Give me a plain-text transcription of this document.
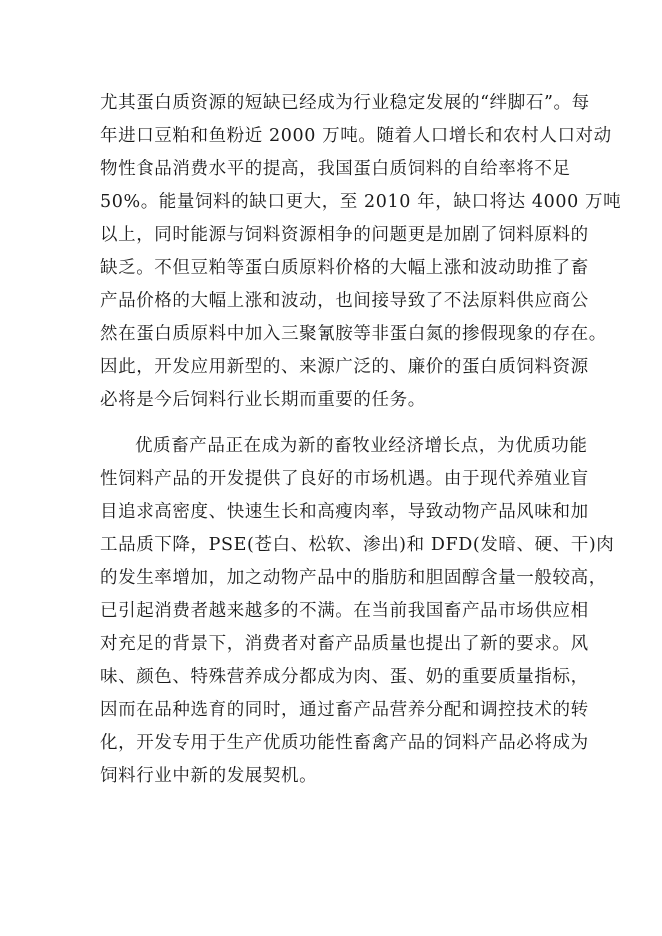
尤其蛋白质资源的短缺已经成为行业稳定发展的“绊脚石”。每
年进口豆粕和鱼粉近 2000 万吨。随着人口增长和农村人口对动
物性食品消费水平的提高，我国蛋白质饲料的自给率将不足
50%。能量饲料的缺口更大，至 2010 年，缺口将达 4000 万吨
以上，同时能源与饲料资源相争的问题更是加剧了饲料原料的
缺乏。不但豆粕等蛋白质原料价格的大幅上涨和波动助推了畜
产品价格的大幅上涨和波动，也间接导致了不法原料供应商公
然在蛋白质原料中加入三聚氰胺等非蛋白氮的掺假现象的存在。
因此，开发应用新型的、来源广泛的、廉价的蛋白质饲料资源
必将是今后饲料行业长期而重要的任务。
优质畜产品正在成为新的畜牧业经济增长点，为优质功能
性饲料产品的开发提供了良好的市场机遇。由于现代养殖业盲
目追求高密度、快速生长和高瘦肉率，导致动物产品风味和加
工品质下降，PSE(苍白、松软、渗出)和 DFD(发暗、硬、干)肉
的发生率增加，加之动物产品中的脂肪和胆固醇含量一般较高，
已引起消费者越来越多的不满。在当前我国畜产品市场供应相
对充足的背景下，消费者对畜产品质量也提出了新的要求。风
味、颜色、特殊营养成分都成为肉、蛋、奶的重要质量指标，
因而在品种选育的同时，通过畜产品营养分配和调控技术的转
化，开发专用于生产优质功能性畜禽产品的饲料产品必将成为
饲料行业中新的发展契机。
